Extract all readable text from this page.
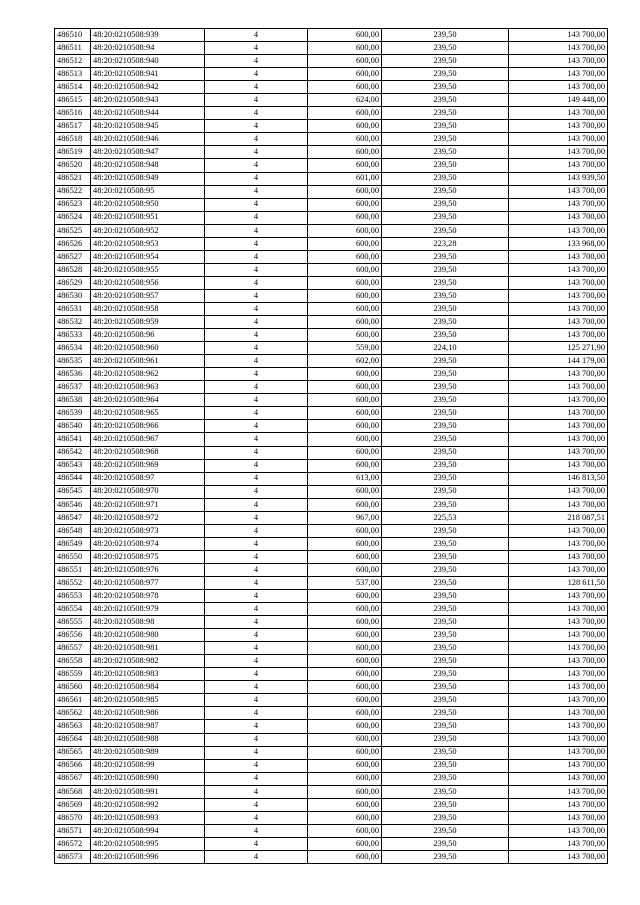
486510	48:20:0210508:939	4	600,00	239,50	143 700,00
486511	48:20:0210508:94	4	600,00	239,50	143 700,00
486512	48:20:0210508:940	4	600,00	239,50	143 700,00
486513	48:20:0210508:941	4	600,00	239,50	143 700,00
486514	48:20:0210508:942	4	600,00	239,50	143 700,00
486515	48:20:0210508:943	4	624,00	239,50	149 448,00
486516	48:20:0210508:944	4	600,00	239,50	143 700,00
486517	48:20:0210508:945	4	600,00	239,50	143 700,00
486518	48:20:0210508:946	4	600,00	239,50	143 700,00
486519	48:20:0210508:947	4	600,00	239,50	143 700,00
486520	48:20:0210508:948	4	600,00	239,50	143 700,00
486521	48:20:0210508:949	4	601,00	239,50	143 939,50
486522	48:20:0210508:95	4	600,00	239,50	143 700,00
486523	48:20:0210508:950	4	600,00	239,50	143 700,00
486524	48:20:0210508:951	4	600,00	239,50	143 700,00
486525	48:20:0210508:952	4	600,00	239,50	143 700,00
486526	48:20:0210508:953	4	600,00	223,28	133 968,00
486527	48:20:0210508:954	4	600,00	239,50	143 700,00
486528	48:20:0210508:955	4	600,00	239,50	143 700,00
486529	48:20:0210508:956	4	600,00	239,50	143 700,00
486530	48:20:0210508:957	4	600,00	239,50	143 700,00
486531	48:20:0210508:958	4	600,00	239,50	143 700,00
486532	48:20:0210508:959	4	600,00	239,50	143 700,00
486533	48:20:0210508:96	4	600,00	239,50	143 700,00
486534	48:20:0210508:960	4	559,00	224,10	125 271,90
486535	48:20:0210508:961	4	602,00	239,50	144 179,00
486536	48:20:0210508:962	4	600,00	239,50	143 700,00
486537	48:20:0210508:963	4	600,00	239,50	143 700,00
486538	48:20:0210508:964	4	600,00	239,50	143 700,00
486539	48:20:0210508:965	4	600,00	239,50	143 700,00
486540	48:20:0210508:966	4	600,00	239,50	143 700,00
486541	48:20:0210508:967	4	600,00	239,50	143 700,00
486542	48:20:0210508:968	4	600,00	239,50	143 700,00
486543	48:20:0210508:969	4	600,00	239,50	143 700,00
486544	48:20:0210508:97	4	613,00	239,50	146 813,50
486545	48:20:0210508:970	4	600,00	239,50	143 700,00
486546	48:20:0210508:971	4	600,00	239,50	143 700,00
486547	48:20:0210508:972	4	967,00	225,53	218 087,51
486548	48:20:0210508:973	4	600,00	239,50	143 700,00
486549	48:20:0210508:974	4	600,00	239,50	143 700,00
486550	48:20:0210508:975	4	600,00	239,50	143 700,00
486551	48:20:0210508:976	4	600,00	239,50	143 700,00
486552	48:20:0210508:977	4	537,00	239,50	128 611,50
486553	48:20:0210508:978	4	600,00	239,50	143 700,00
486554	48:20:0210508:979	4	600,00	239,50	143 700,00
486555	48:20:0210508:98	4	600,00	239,50	143 700,00
486556	48:20:0210508:980	4	600,00	239,50	143 700,00
486557	48:20:0210508:981	4	600,00	239,50	143 700,00
486558	48:20:0210508:982	4	600,00	239,50	143 700,00
486559	48:20:0210508:983	4	600,00	239,50	143 700,00
486560	48:20:0210508:984	4	600,00	239,50	143 700,00
486561	48:20:0210508:985	4	600,00	239,50	143 700,00
486562	48:20:0210508:986	4	600,00	239,50	143 700,00
486563	48:20:0210508:987	4	600,00	239,50	143 700,00
486564	48:20:0210508:988	4	600,00	239,50	143 700,00
486565	48:20:0210508:989	4	600,00	239,50	143 700,00
486566	48:20:0210508:99	4	600,00	239,50	143 700,00
486567	48:20:0210508:990	4	600,00	239,50	143 700,00
486568	48:20:0210508:991	4	600,00	239,50	143 700,00
486569	48:20:0210508:992	4	600,00	239,50	143 700,00
486570	48:20:0210508:993	4	600,00	239,50	143 700,00
486571	48:20:0210508:994	4	600,00	239,50	143 700,00
486572	48:20:0210508:995	4	600,00	239,50	143 700,00
486573	48:20:0210508:996	4	600,00	239,50	143 700,00
